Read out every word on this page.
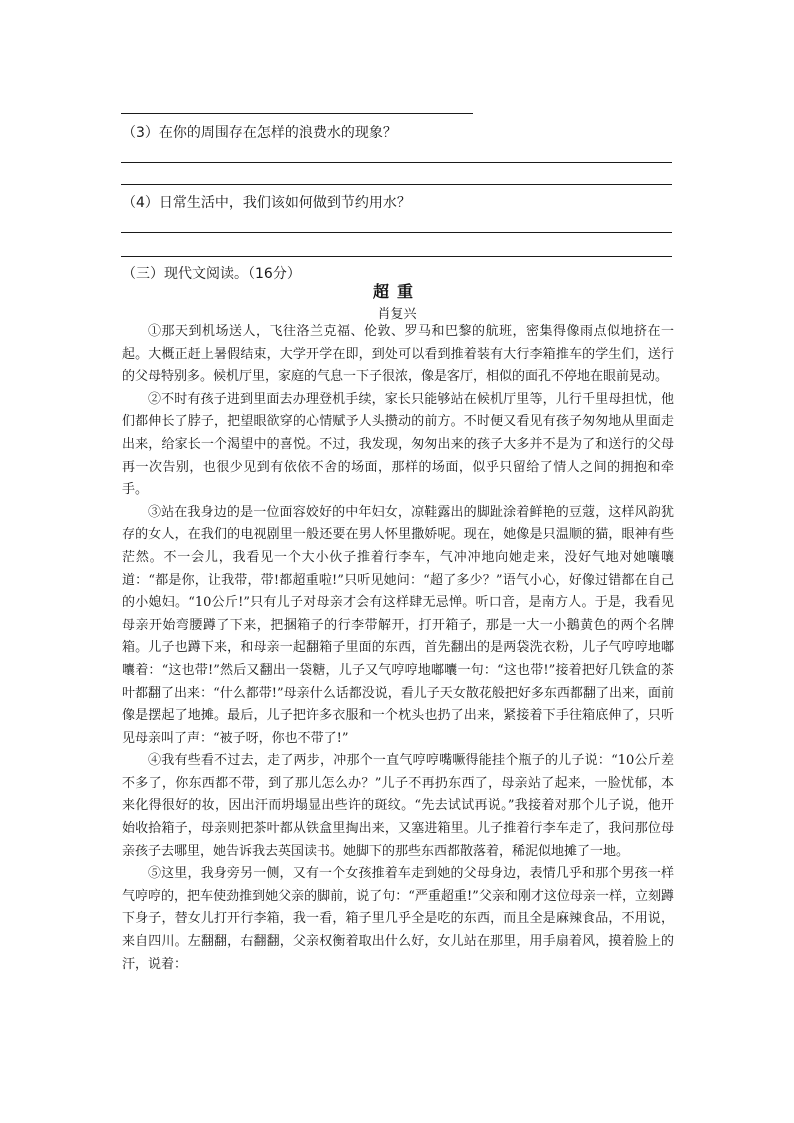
（3）在你的周围存在怎样的浪费水的现象？
（4）日常生活中，我们该如何做到节约用水？
（三）现代文阅读。（16分）
超重
肖复兴

①那天到机场送人，飞往洛兰克福、伦敦、罗马和巴黎的航班，密集得像雨点似地挤在一起。大概正赶上暑假结束，大学开学在即，到处可以看到推着装有大行李箱推车的学生们，送行的父母特别多。候机厅里，家庭的气息一下子很浓，像是客厅，相似的面孔不停地在眼前晃动。

②不时有孩子进到里面去办理登机手续，家长只能够站在候机厅里等，儿行千里母担忧，他们都伸长了脖子，把望眼欲穿的心情赋予人头攒动的前方。不时便又看见有孩子匆匆地从里面走出来，给家长一个渴望中的喜悦。不过，我发现，匆匆出来的孩子大多并不是为了和送行的父母再一次告别，也很少见到有依依不舍的场面，那样的场面，似乎只留给了情人之间的拥抱和牵手。

③站在我身边的是一位面容姣好的中年妇女，凉鞋露出的脚趾涂着鲜艳的豆蔻，这样风韵犹存的女人，在我们的电视剧里一般还要在男人怀里撒娇呢。现在，她像是只温顺的猫，眼神有些茫然。不一会儿，我看见一个大小伙子推着行李车，气冲冲地向她走来，没好气地对她嚷嚷道：“都是你，让我带，带!都超重啦!”只听见她问：“超了多少？”语气小心，好像过错都在自己的小媳妇。“10公斤!”只有儿子对母亲才会有这样肆无忌惮。听口音，是南方人。于是，我看见母亲开始弯腰蹲了下来，把捆箱子的行李带解开，打开箱子，那是一大一小鵝黄色的两个名牌箱。儿子也蹲下来，和母亲一起翻箱子里面的东西，首先翻出的是两袋洗衣粉，儿子气哼哼地嘟囔着：“这也带!”然后又翻出一袋糖，儿子又气哼哼地嘟囔一句：“这也带!”接着把好几铁盒的茶叶都翻了出来：“什么都带!”母亲什么话都没说，看儿子天女散花般把好多东西都翻了出来，面前像是摆起了地摊。最后，儿子把许多衣服和一个枕头也扔了出来，紧接着下手往箱底伸了，只听见母亲叫了声：“被子呀，你也不带了!”

④我有些看不过去，走了两步，冲那个一直气哼哼嘴噘得能挂个瓶子的儿子说：“10公斤差不多了，你东西都不带，到了那儿怎么办？”儿子不再扔东西了，母亲站了起来，一脸忧郁，本来化得很好的妆，因出汗而坍塌显出些许的斑纹。“先去试试再说。”我接着对那个儿子说，他开始收拾箱子，母亲则把茶叶都从铁盒里掏出来，又塞进箱里。儿子推着行李车走了，我问那位母亲孩子去哪里，她告诉我去英国读书。她脚下的那些东西都散落着，稀泥似地摊了一地。

⑤这里，我身旁另一侧，又有一个女孩推着车走到她的父母身边，表情几乎和那个男孩一样气哼哼的，把车使劲推到她父亲的脚前，说了句：“严重超重!”父亲和刚才这位母亲一样，立刻蹲下身子，替女儿打开行李箱，我一看，箱子里几乎全是吃的东西，而且全是麻辣食品，不用说，来自四川。左翻翻，右翻翻，父亲权衡着取出什么好，女儿站在那里，用手扇着风，摸着脸上的汗，说着：
